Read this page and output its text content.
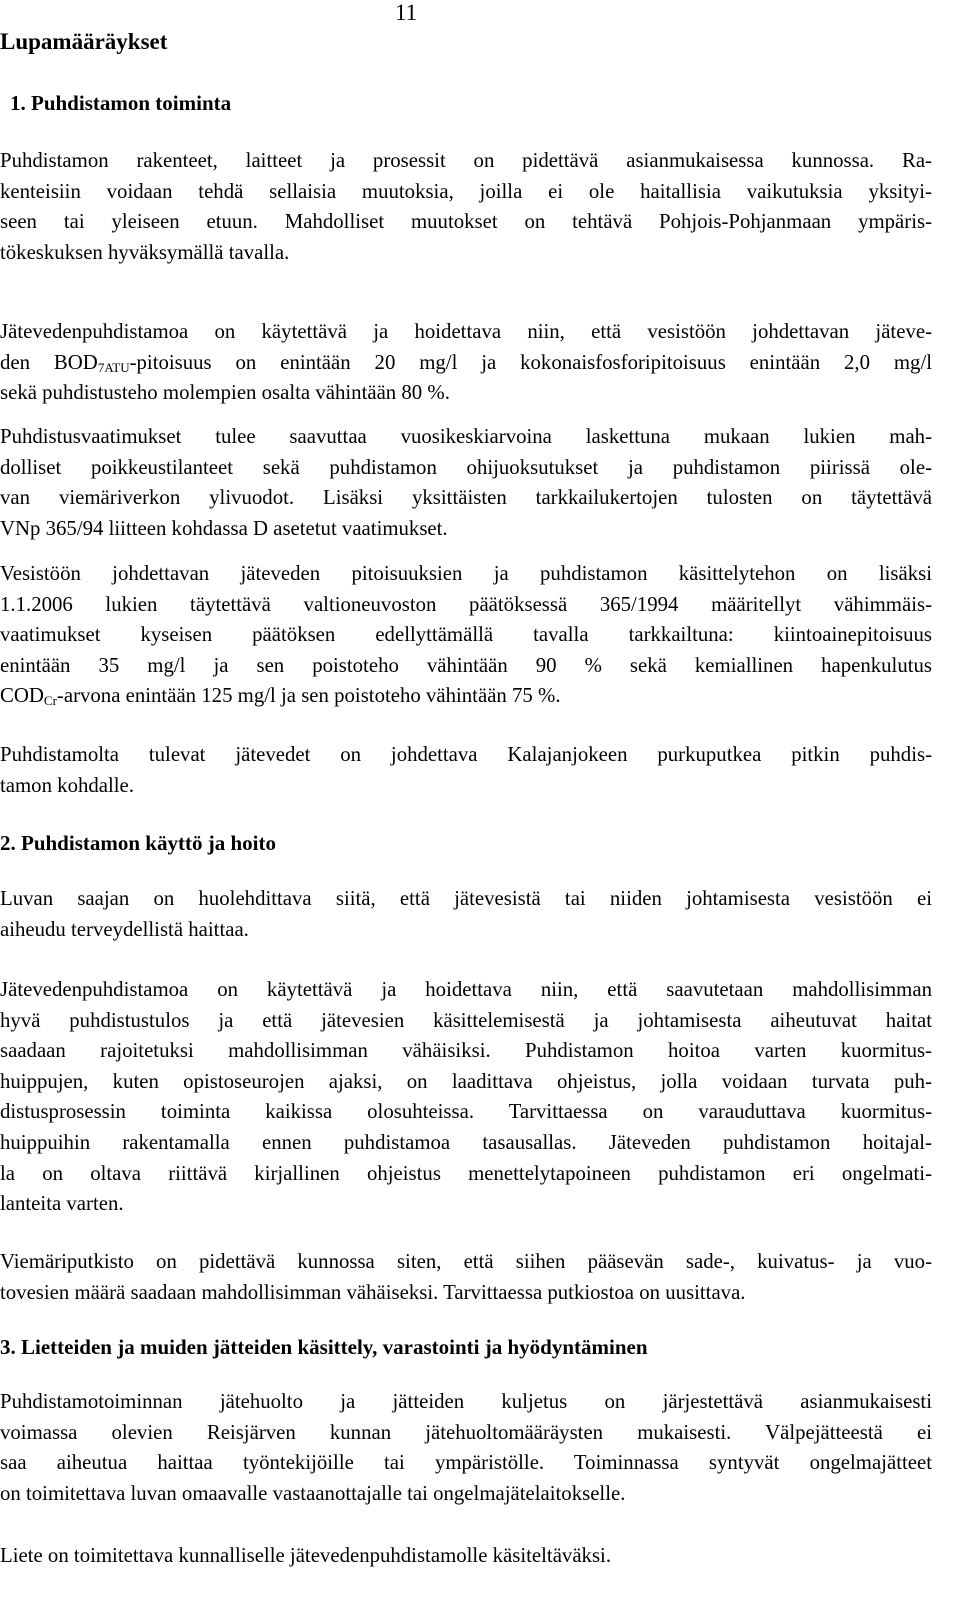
11
Lupamääräykset
1. Puhdistamon toiminta
Puhdistamon rakenteet, laitteet ja prosessit on pidettävä asianmukaisessa kunnossa. Ra-
kenteisiin voidaan tehdä sellaisia muutoksia, joilla ei ole haitallisia vaikutuksia yksityi-
seen tai yleiseen etuun. Mahdolliset muutokset on tehtävä Pohjois-Pohjanmaan ympäris-
tökeskuksen hyväksymällä tavalla.
Jätevedenpuhdistamoa on käytettävä ja hoidettava niin, että vesistöön johdettavan jäteve-
den $BOD_{7ATU}$-pitoisuus on enintään 20 mg/l ja kokonaisfosforipitoisuus enintään 2,0 mg/l
sekä puhdistusteho molempien osalta vähintään 80 %.
Puhdistusvaatimukset tulee saavuttaa vuosikeskiarvoina laskettuna mukaan lukien mah-
dolliset poikkeustilanteet sekä puhdistamon ohijuoksutukset ja puhdistamon piirissä ole-
van viemäriverkon ylivuodot. Lisäksi yksittäisten tarkkailukertojen tulosten on täytettävä
VNp 365/94 liitteen kohdassa D asetetut vaatimukset.
Vesistöön johdettavan jäteveden pitoisuuksien ja puhdistamon käsittelytehon on lisäksi
1.1.2006 lukien täytettävä valtioneuvoston päätöksessä 365/1994 määritellyt vähimmäis-
vaatimukset kyseisen päätöksen edellyttämällä tavalla tarkkailtuna: kiintoainepitoisuus
enintään 35 mg/l ja sen poistoteho vähintään 90 % sekä kemiallinen hapenkulutus
$COD_{Cr}$-arvona enintään 125 mg/l ja sen poistoteho vähintään 75 %.
Puhdistamolta tulevat jätevedet on johdettava Kalajanjokeen purkuputkea pitkin puhdis-
tamon kohdalle.
2. Puhdistamon käyttö ja hoito
Luvan saajan on huolehdittava siitä, että jätevesistä tai niiden johtamisesta vesistöön ei
aiheudu terveydellistä haittaa.
Jätevedenpuhdistamoa on käytettävä ja hoidettava niin, että saavutetaan mahdollisimman
hyvä puhdistustulos ja että jätevesien käsittelemisestä ja johtamisesta aiheutuvat haitat
saadaan rajoitetuksi mahdollisimman vähäisiksi. Puhdistamon hoitoa varten kuormitus-
huippujen, kuten opistoseurojen ajaksi, on laadittava ohjeistus, jolla voidaan turvata puh-
distusprosessin toiminta kaikissa olosuhteissa. Tarvittaessa on varauduttava kuormitus-
huippuihin rakentamalla ennen puhdistamoa tasausallas. Jäteveden puhdistamon hoitajal-
la on oltava riittävä kirjallinen ohjeistus menettelytapoineen puhdistamon eri ongelmati-
lanteita varten.
Viemäriputkisto on pidettävä kunnossa siten, että siihen pääsevän sade-, kuivatus- ja vuo-
tovesien määrä saadaan mahdollisimman vähäiseksi. Tarvittaessa putkiostoa on uusittava.
3. Lietteiden ja muiden jätteiden käsittely, varastointi ja hyödyntäminen
Puhdistamotoiminnan jätehuolto ja jätteiden kuljetus on järjestettävä asianmukaisesti
voimassa olevien Reisjärven kunnan jätehuoltomääräysten mukaisesti. Välpejätteestä ei
saa aiheutua haittaa työntekijöille tai ympäristölle. Toiminnassa syntyvät ongelmajätteet
on toimitettava luvan omaavalle vastaanottajalle tai ongelmajätelaitokselle.
Liete on toimitettava kunnalliselle jätevedenpuhdistamolle käsiteltäväksi.
